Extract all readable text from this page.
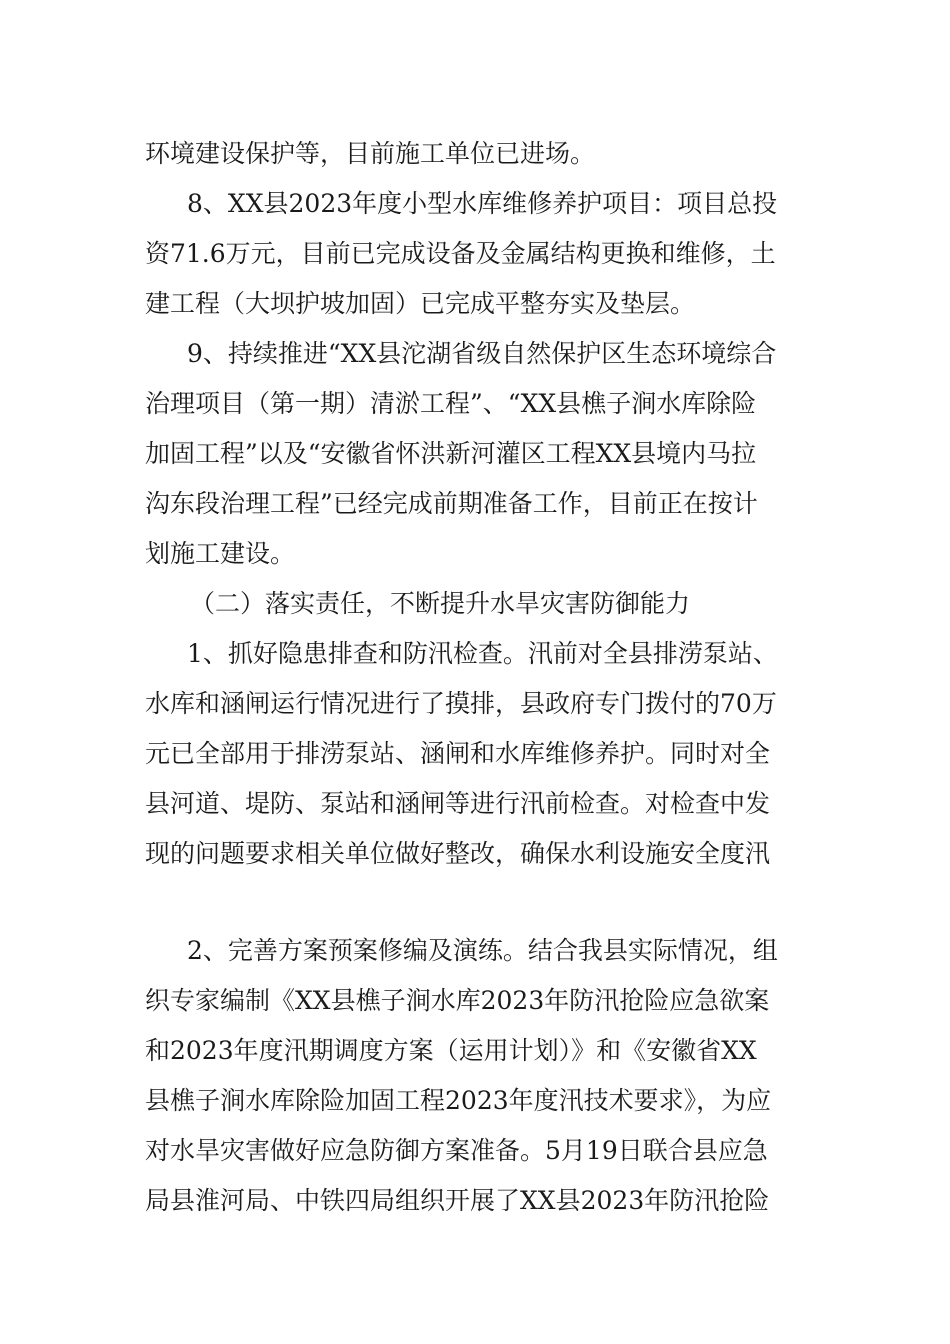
环境建设保护等，目前施工单位已进场。
8、XX县2023年度小型水库维修养护项目：项目总投
资71.6万元，目前已完成设备及金属结构更换和维修，土
建工程（大坝护坡加固）已完成平整夯实及垫层。
9、持续推进“XX县沱湖省级自然保护区生态环境综合
治理项目（第一期）清淤工程”、“XX县樵子涧水库除险
加固工程”以及“安徽省怀洪新河灌区工程XX县境内马拉
沟东段治理工程”已经完成前期准备工作，目前正在按计
划施工建设。
（二）落实责任，不断提升水旱灾害防御能力
1、抓好隐患排查和防汛检查。汛前对全县排涝泵站、
水库和涵闸运行情况进行了摸排，县政府专门拨付的70万
元已全部用于排涝泵站、涵闸和水库维修养护。同时对全
县河道、堤防、泵站和涵闸等进行汛前检查。对检查中发
现的问题要求相关单位做好整改，确保水利设施安全度汛
2、完善方案预案修编及演练。结合我县实际情况，组
织专家编制《XX县樵子涧水库2023年防汛抢险应急欲案
和2023年度汛期调度方案（运用计划）》和《安徽省XX
县樵子涧水库除险加固工程2023年度汛技术要求》，为应
对水旱灾害做好应急防御方案准备。5月19日联合县应急
局县淮河局、中铁四局组织开展了XX县2023年防汛抢险
